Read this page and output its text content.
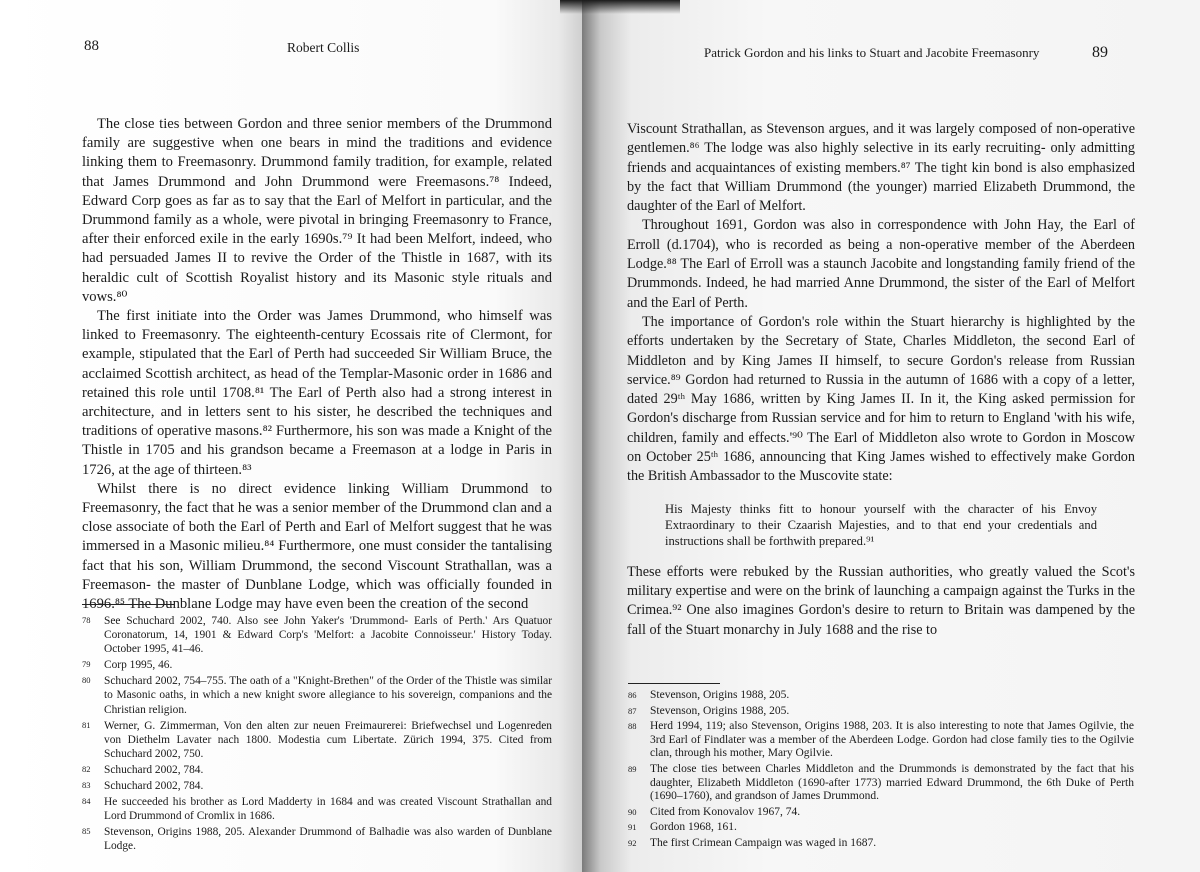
88	Robert Collis

The close ties between Gordon and three senior members of the Drummond family are suggestive when one bears in mind the traditions and evidence linking them to Freemasonry. Drummond family tradition, for example, related that James Drummond and John Drummond were Freemasons.⁷⁸ Indeed, Edward Corp goes as far as to say that the Earl of Melfort in particular, and the Drummond family as a whole, were pivotal in bringing Freemasonry to France, after their enforced exile in the early 1690s.⁷⁹ It had been Melfort, indeed, who had persuaded James II to revive the Order of the Thistle in 1687, with its heraldic cult of Scottish Royalist history and its Masonic style rituals and vows.⁸⁰

The first initiate into the Order was James Drummond, who himself was linked to Freemasonry. The eighteenth-century Ecossais rite of Clermont, for example, stipulated that the Earl of Perth had succeeded Sir William Bruce, the acclaimed Scottish architect, as head of the Templar-Masonic order in 1686 and retained this role until 1708.⁸¹ The Earl of Perth also had a strong interest in architecture, and in letters sent to his sister, he described the techniques and traditions of operative masons.⁸² Furthermore, his son was made a Knight of the Thistle in 1705 and his grandson became a Freemason at a lodge in Paris in 1726, at the age of thirteen.⁸³

Whilst there is no direct evidence linking William Drummond to Freemasonry, the fact that he was a senior member of the Drummond clan and a close associate of both the Earl of Perth and Earl of Melfort suggest that he was immersed in a Masonic milieu.⁸⁴ Furthermore, one must consider the tantalising fact that his son, William Drummond, the second Viscount Strathallan, was a Freemason- the master of Dunblane Lodge, which was officially founded in 1696.⁸⁵ The Dunblane Lodge may have even been the creation of the second

78	See Schuchard 2002, 740. Also see John Yaker's 'Drummond- Earls of Perth.' Ars Quatuor Coronatorum, 14, 1901 & Edward Corp's 'Melfort: a Jacobite Connoisseur.' History Today. October 1995, 41–46.
79	Corp 1995, 46.
80	Schuchard 2002, 754–755. The oath of a "Knight-Brethen" of the Order of the Thistle was similar to Masonic oaths, in which a new knight swore allegiance to his sovereign, companions and the Christian religion.
81	Werner, G. Zimmerman, Von den alten zur neuen Freimaurerei: Briefwechsel und Logenreden von Diethelm Lavater nach 1800. Modestia cum Libertate. Zürich 1994, 375. Cited from Schuchard 2002, 750.
82	Schuchard 2002, 784.
83	Schuchard 2002, 784.
84	He succeeded his brother as Lord Madderty in 1684 and was created Viscount Strathallan and Lord Drummond of Cromlix in 1686.
85	Stevenson, Origins 1988, 205. Alexander Drummond of Balhadie was also warden of Dunblane Lodge.
Patrick Gordon and his links to Stuart and Jacobite Freemasonry	89

Viscount Strathallan, as Stevenson argues, and it was largely composed of non-operative gentlemen.⁸⁶ The lodge was also highly selective in its early recruiting- only admitting friends and acquaintances of existing members.⁸⁷ The tight kin bond is also emphasized by the fact that William Drummond (the younger) married Elizabeth Drummond, the daughter of the Earl of Melfort.

Throughout 1691, Gordon was also in correspondence with John Hay, the Earl of Erroll (d.1704), who is recorded as being a non-operative member of the Aberdeen Lodge.⁸⁸ The Earl of Erroll was a staunch Jacobite and longstanding family friend of the Drummonds. Indeed, he had married Anne Drummond, the sister of the Earl of Melfort and the Earl of Perth.

The importance of Gordon's role within the Stuart hierarchy is highlighted by the efforts undertaken by the Secretary of State, Charles Middleton, the second Earl of Middleton and by King James II himself, to secure Gordon's release from Russian service.⁸⁹ Gordon had returned to Russia in the autumn of 1686 with a copy of a letter, dated 29ᵗʰ May 1686, written by King James II. In it, the King asked permission for Gordon's discharge from Russian service and for him to return to England 'with his wife, children, family and effects.'⁹⁰ The Earl of Middleton also wrote to Gordon in Moscow on October 25ᵗʰ 1686, announcing that King James wished to effectively make Gordon the British Ambassador to the Muscovite state:

His Majesty thinks fitt to honour yourself with the character of his Envoy Extraordinary to their Czaarish Majesties, and to that end your credentials and instructions shall be forthwith prepared.⁹¹

These efforts were rebuked by the Russian authorities, who greatly valued the Scot's military expertise and were on the brink of launching a campaign against the Turks in the Crimea.⁹² One also imagines Gordon's desire to return to Britain was dampened by the fall of the Stuart monarchy in July 1688 and the rise to

86	Stevenson, Origins 1988, 205.
87	Stevenson, Origins 1988, 205.
88	Herd 1994, 119; also Stevenson, Origins 1988, 203. It is also interesting to note that James Ogilvie, the 3rd Earl of Findlater was a member of the Aberdeen Lodge. Gordon had close family ties to the Ogilvie clan, through his mother, Mary Ogilvie.
89	The close ties between Charles Middleton and the Drummonds is demonstrated by the fact that his daughter, Elizabeth Middleton (1690-after 1773) married Edward Drummond, the 6th Duke of Perth (1690–1760), and grandson of James Drummond.
90	Cited from Konovalov 1967, 74.
91	Gordon 1968, 161.
92	The first Crimean Campaign was waged in 1687.
